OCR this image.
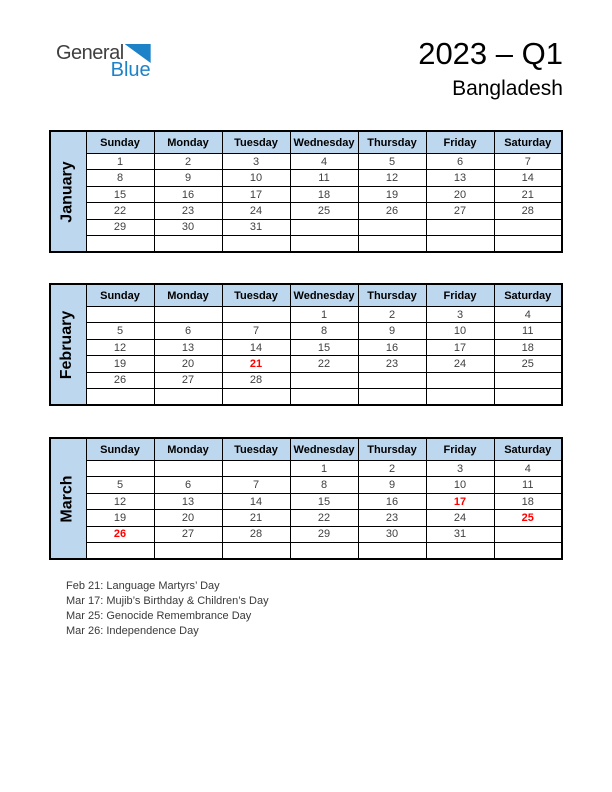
General
Blue	2023 – Q1
Bangladesh
January	Sunday	Monday	Tuesday	Wednesday	Thursday	Friday	Saturday
	1	2	3	4	5	6	7
	8	9	10	11	12	13	14
	15	16	17	18	19	20	21
	22	23	24	25	26	27	28
	29	30	31				

February	Sunday	Monday	Tuesday	Wednesday	Thursday	Friday	Saturday
				1	2	3	4
	5	6	7	8	9	10	11
	12	13	14	15	16	17	18
	19	20	21	22	23	24	25
	26	27	28				

March	Sunday	Monday	Tuesday	Wednesday	Thursday	Friday	Saturday
				1	2	3	4
	5	6	7	8	9	10	11
	12	13	14	15	16	17	18
	19	20	21	22	23	24	25
	26	27	28	29	30	31	

Feb 21: Language Martyrs’ Day
Mar 17: Mujib’s Birthday & Children’s Day
Mar 25: Genocide Remembrance Day
Mar 26: Independence Day
